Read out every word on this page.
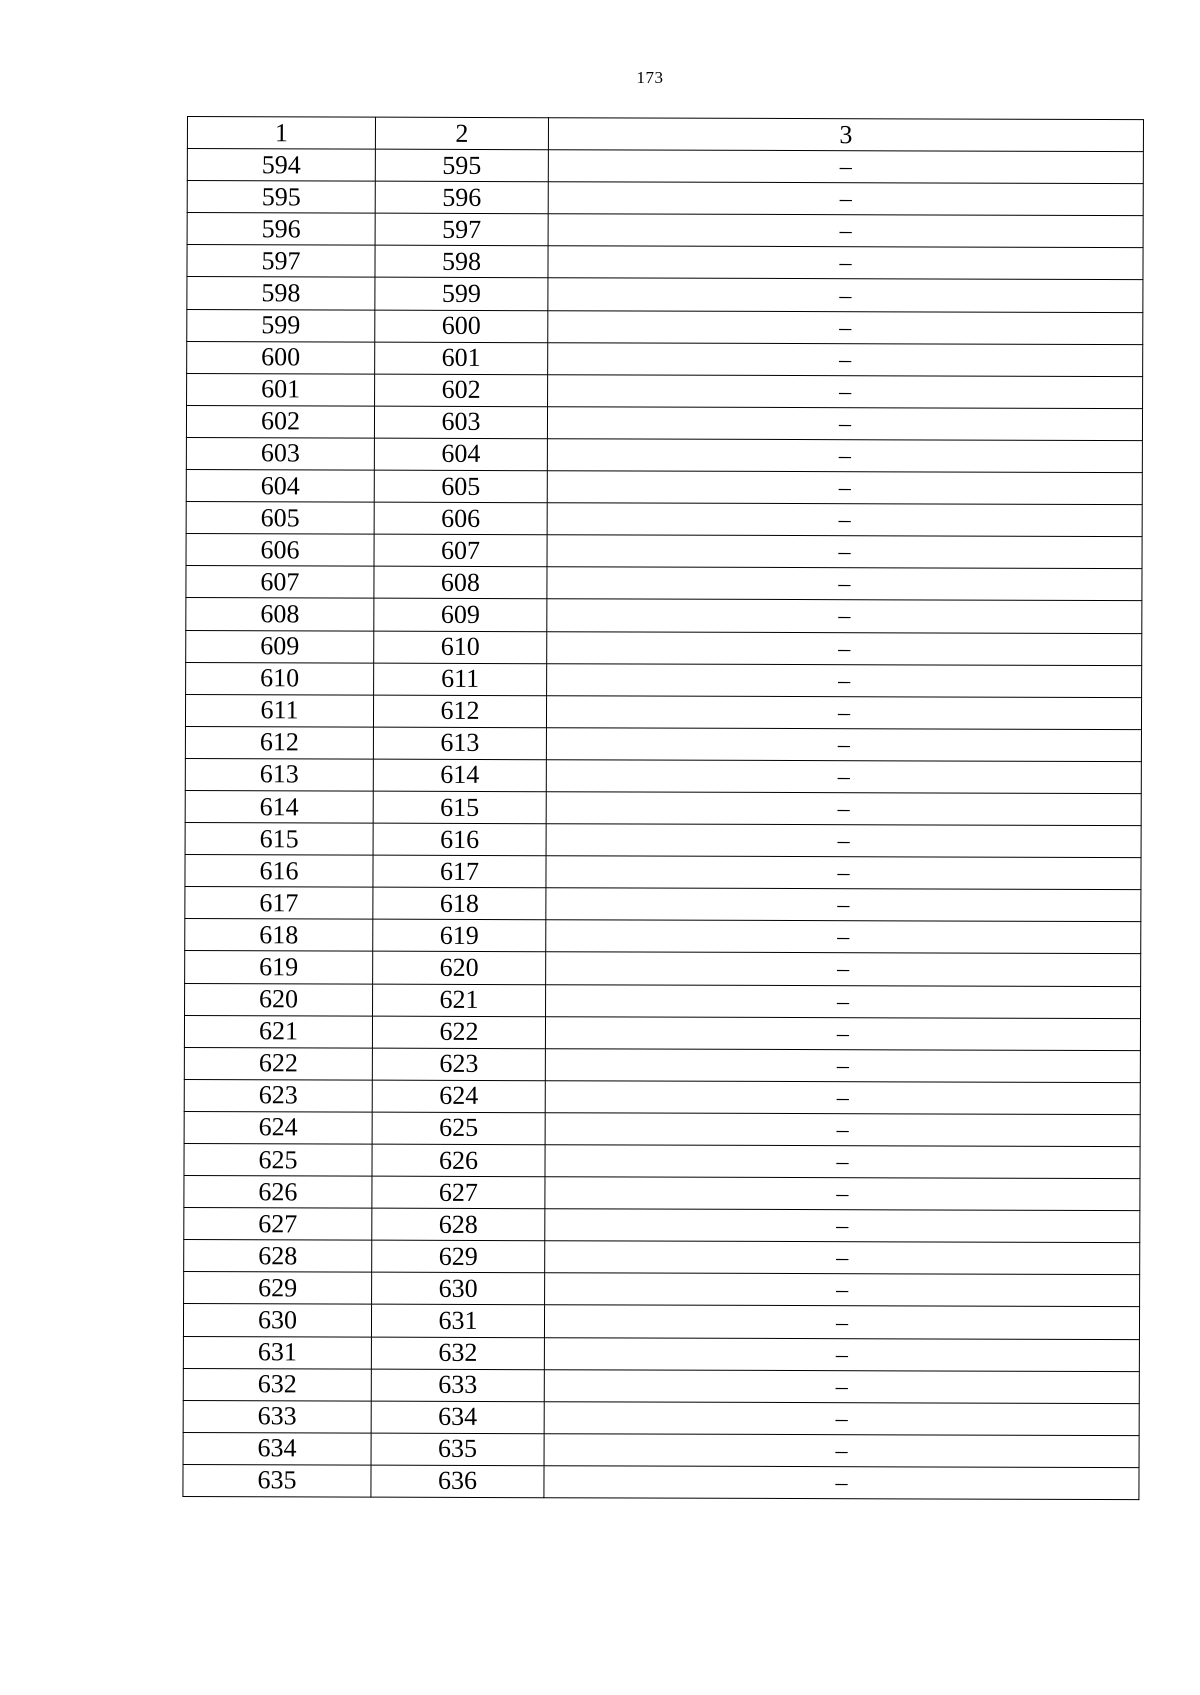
173
1	2	3
594	595	–
595	596	–
596	597	–
597	598	–
598	599	–
599	600	–
600	601	–
601	602	–
602	603	–
603	604	–
604	605	–
605	606	–
606	607	–
607	608	–
608	609	–
609	610	–
610	611	–
611	612	–
612	613	–
613	614	–
614	615	–
615	616	–
616	617	–
617	618	–
618	619	–
619	620	–
620	621	–
621	622	–
622	623	–
623	624	–
624	625	–
625	626	–
626	627	–
627	628	–
628	629	–
629	630	–
630	631	–
631	632	–
632	633	–
633	634	–
634	635	–
635	636	–
